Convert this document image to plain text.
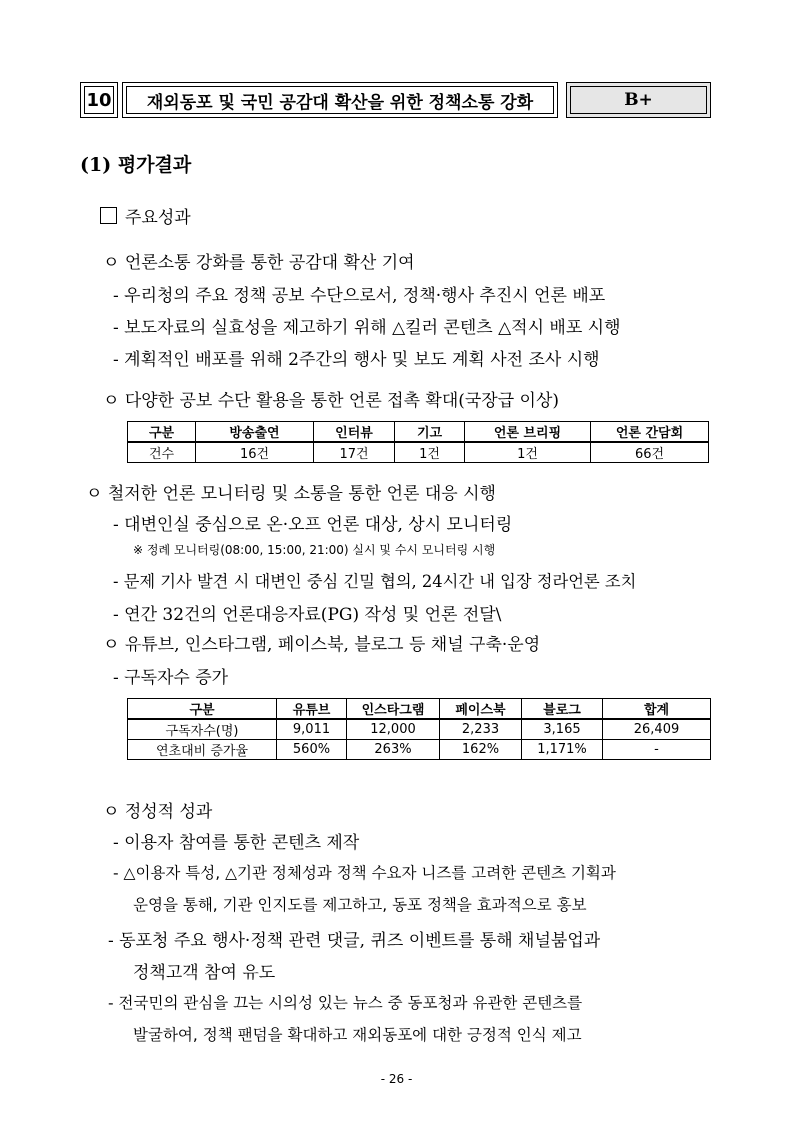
10 재외동포 및 국민 공감대 확산을 위한 정책소통 강화	B+
(1) 평가결과
주요성과
ㅇ 언론소통 강화를 통한 공감대 확산 기여
- 우리청의 주요 정책 공보 수단으로서, 정책·행사 추진시 언론 배포
- 보도자료의 실효성을 제고하기 위해 △킬러 콘텐츠 △적시 배포 시행
- 계획적인 배포를 위해 2주간의 행사 및 보도 계획 사전 조사 시행
ㅇ 다양한 공보 수단 활용을 통한 언론 접촉 확대(국장급 이상)
구분	방송출연	인터뷰	기고	언론 브리핑	언론 간담회
건수	16건	17건	1건	1건	66건
ㅇ 철저한 언론 모니터링 및 소통을 통한 언론 대응 시행
- 대변인실 중심으로 온·오프 언론 대상, 상시 모니터링
※ 정례 모니터링(08:00, 15:00, 21:00) 실시 및 수시 모니터링 시행
- 문제 기사 발견 시 대변인 중심 긴밀 협의, 24시간 내 입장 정라언론 조치
- 연간 32건의 언론대응자료(PG) 작성 및 언론 전달\
ㅇ 유튜브, 인스타그램, 페이스북, 블로그 등 채널 구축·운영
- 구독자수 증가
구분	유튜브	인스타그램	페이스북	블로그	합계
구독자수(명)	9,011	12,000	2,233	3,165	26,409
연초대비 증가율	560%	263%	162%	1,171%	-
ㅇ 정성적 성과
- 이용자 참여를 통한 콘텐츠 제작
- △이용자 특성, △기관 정체성과 정책 수요자 니즈를 고려한 콘텐츠 기획과
운영을 통해, 기관 인지도를 제고하고, 동포 정책을 효과적으로 홍보
- 동포청 주요 행사·정책 관련 댓글, 퀴즈 이벤트를 통해 채널붐업과
정책고객 참여 유도
- 전국민의 관심을 끄는 시의성 있는 뉴스 중 동포청과 유관한 콘텐츠를
발굴하여, 정책 팬덤을 확대하고 재외동포에 대한 긍정적 인식 제고
- 26 -
